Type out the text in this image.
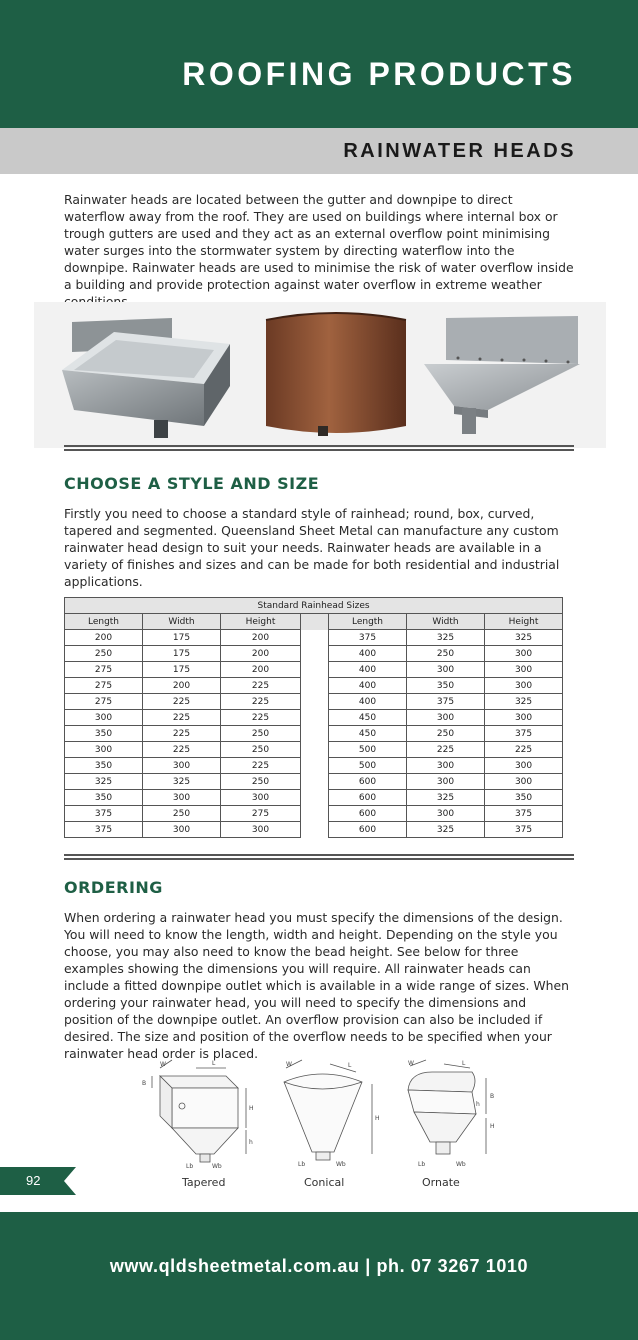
ROOFING PRODUCTS
RAINWATER HEADS

Rainwater heads are located between the gutter and downpipe to direct waterflow away from the roof. They are used on buildings where internal box or trough gutters are used and they act as an external overflow point minimising water surges into the stormwater system by directing waterflow into the downpipe. Rainwater heads are used to minimise the risk of water overflow inside a building and provide protection against water overflow in extreme weather

CHOOSE A STYLE AND SIZE

Firstly you need to choose a standard style of rainhead; round, box, curved, tapered and segmented. Queensland Sheet Metal can manufacture any custom rainwater head design to suit your needs. Rainwater heads are available in a variety of finishes and sizes and can be made for both residential and industrial applications.

Standard Rainhead Sizes						
Length	Width	Height		Length	Width	Height
200	175	200		375	325	325
250	175	200		400	250	300
275	175	200		400	300	300
275	200	225		400	350	300
275	225	225		400	375	325
300	225	225		450	300	300
350	225	250		450	250	375
300	225	250		500	225	225
350	300	225		500	300	300
325	325	250		600	300	300
350	300	300		600	325	350
375	250	275		600	300	375
375	300	300		600	325	375
ORDERING

When ordering a rainwater head you must specify the dimensions of the design. You will need to know the length, width and height. Depending on the style you choose, you may also need to know the bead height. See below for three examples showing the dimensions you will require. All rainwater heads can include a fitted downpipe outlet which is available in a wide range of sizes. When ordering your rainwater head, you will need to specify the dimensions and position of the downpipe outlet. An overflow provision can also be included if desired. The size and position of the overflow needs to be specified when your rainwater head order is placed.

W	L
B
H
h
Lb	Wb
Tapered
W	L
H
Lb	Wb
Conical
W	L
B
h
H
Lb	Wb
Ornate
92
www.qldsheetmetal.com.au | ph. 07 3267 1010
